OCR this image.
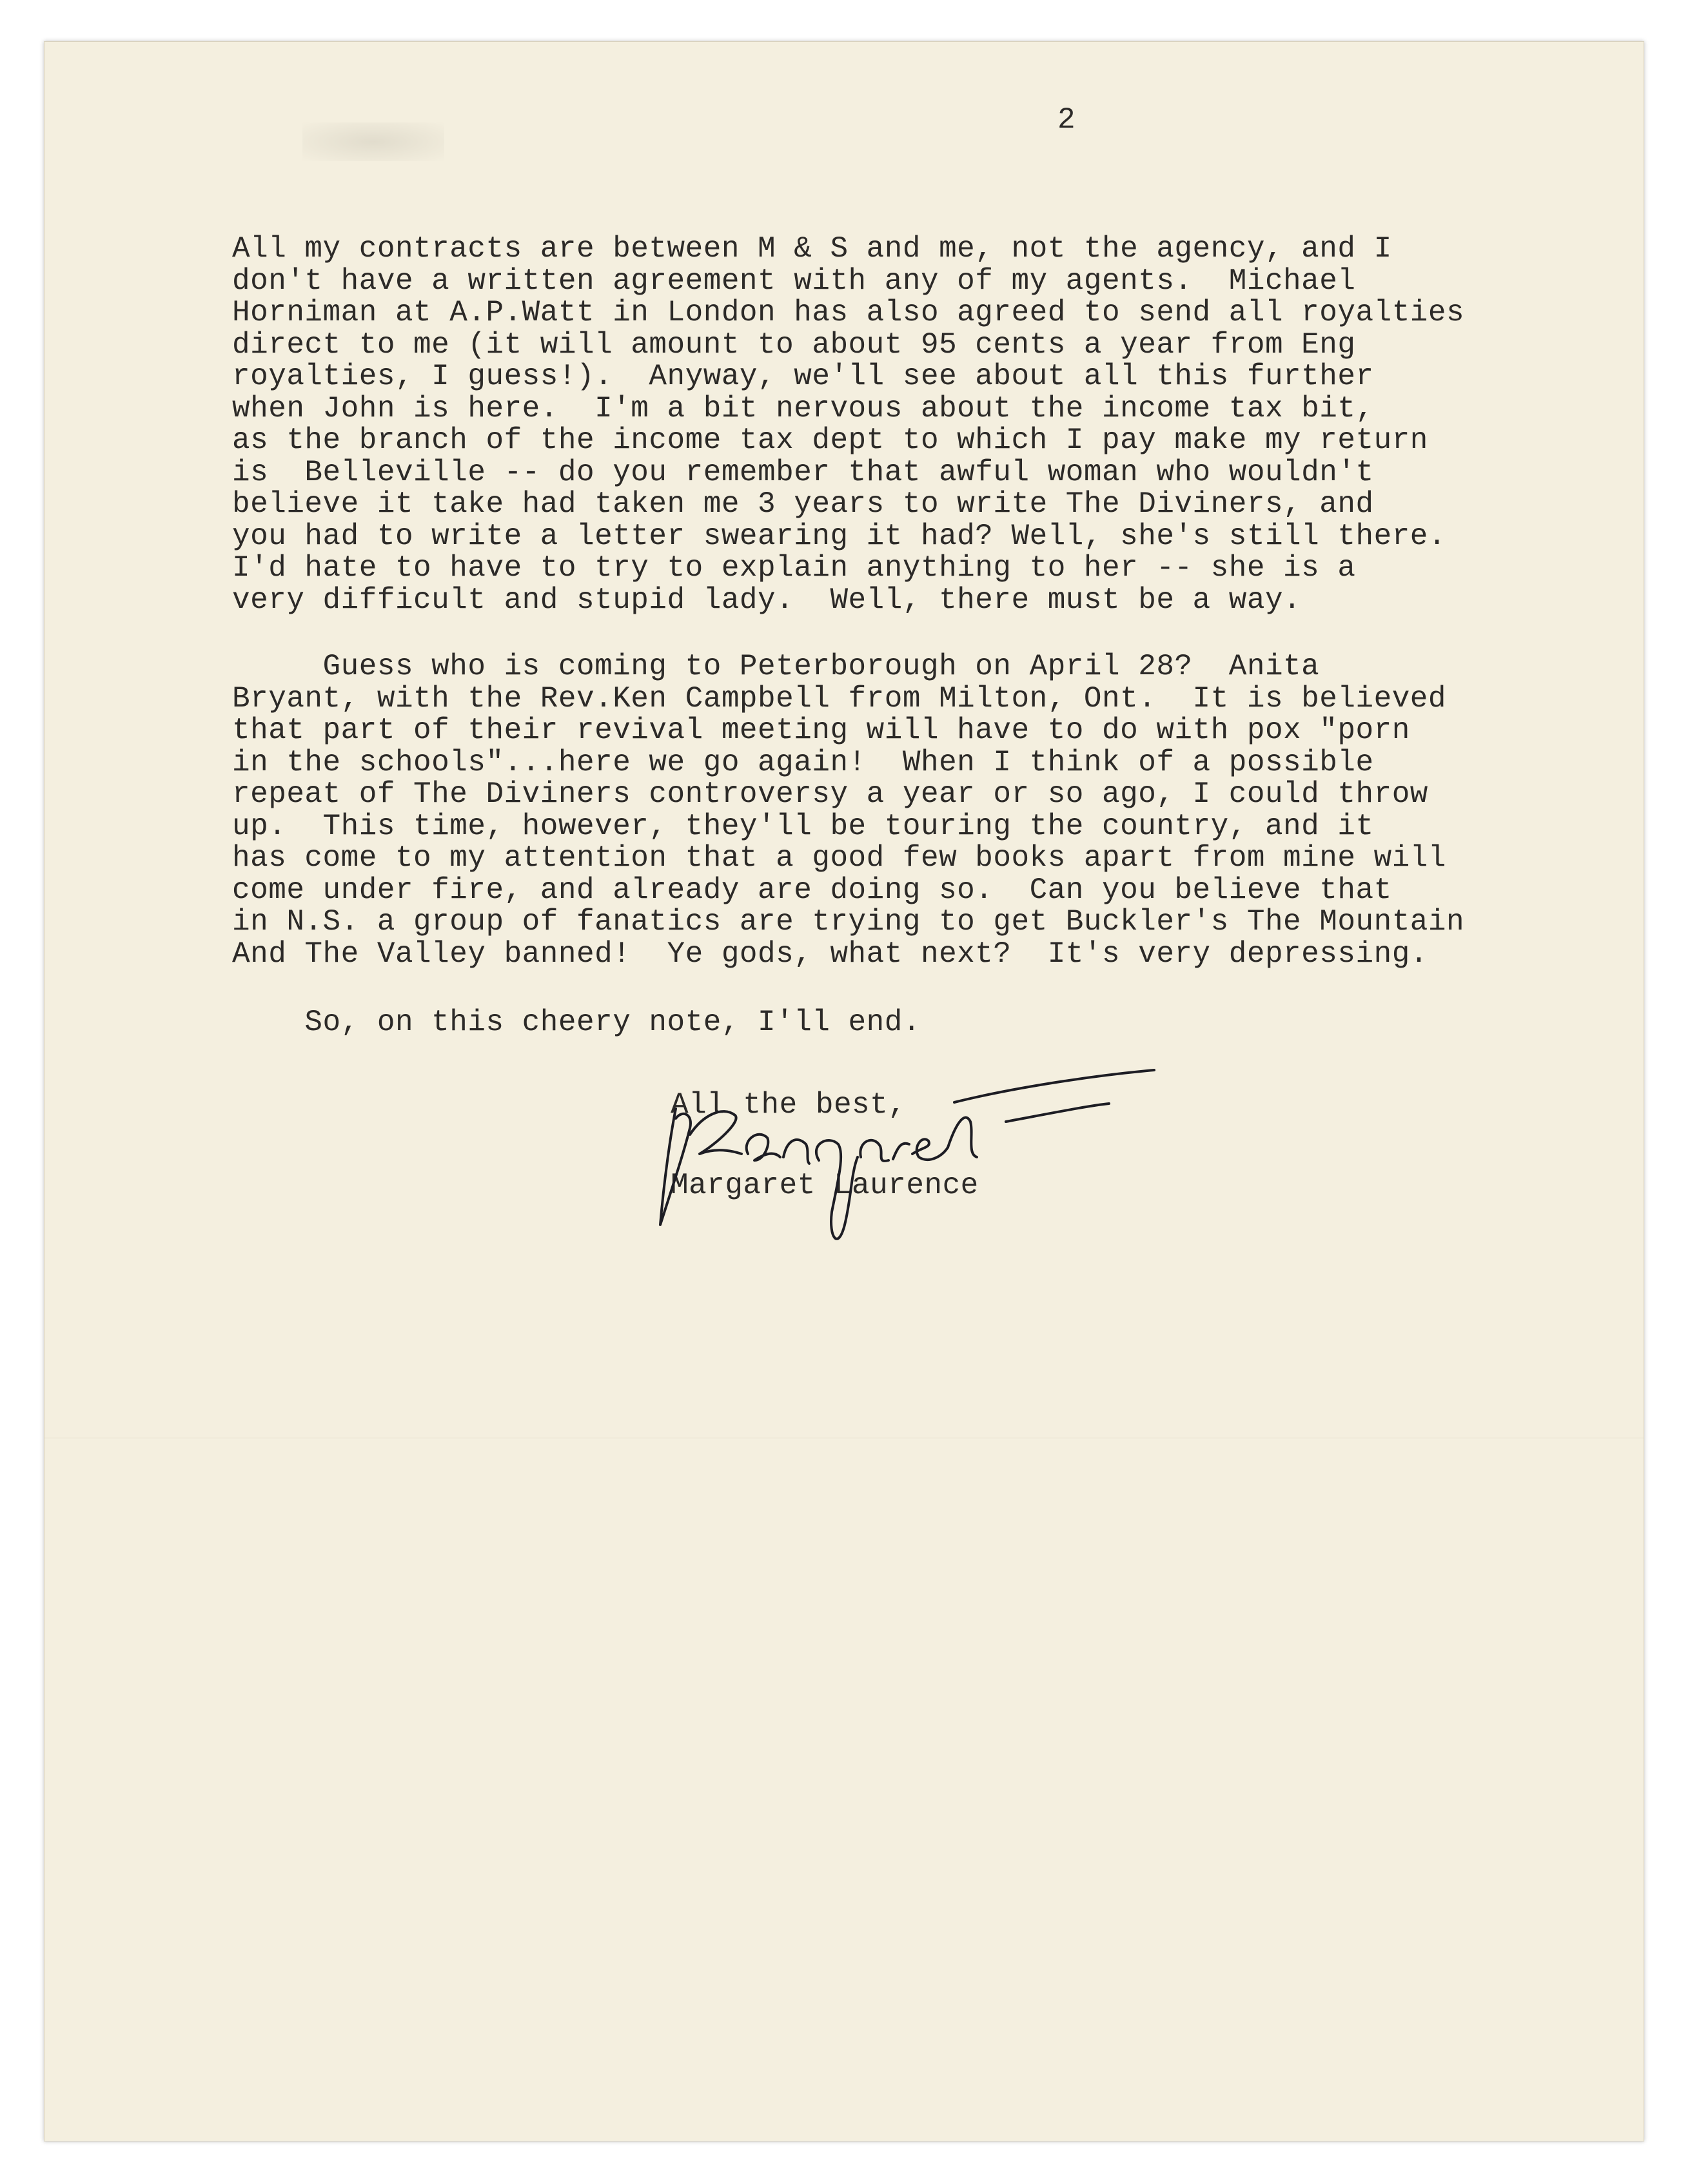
2
All my contracts are between M & S and me, not the agency, and I
don't have a written agreement with any of my agents.  Michael
Horniman at A.P.Watt in London has also agreed to send all royalties
direct to me (it will amount to about 95 cents a year from Eng
royalties, I guess!).  Anyway, we'll see about all this further
when John is here.  I'm a bit nervous about the income tax bit,
as the branch of the income tax dept to which I pay make my return
is  Belleville -- do you remember that awful woman who wouldn't
believe it take had taken me 3 years to write The Diviners, and
you had to write a letter swearing it had? Well, she's still there.
I'd hate to have to try to explain anything to her -- she is a
very difficult and stupid lady.  Well, there must be a way.
Guess who is coming to Peterborough on April 28?  Anita
Bryant, with the Rev.Ken Campbell from Milton, Ont.  It is believed
that part of their revival meeting will have to do with pox "porn
in the schools"...here we go again!  When I think of a possible
repeat of The Diviners controversy a year or so ago, I could throw
up.  This time, however, they'll be touring the country, and it
has come to my attention that a good few books apart from mine will
come under fire, and already are doing so.  Can you believe that
in N.S. a group of fanatics are trying to get Buckler's The Mountain
And The Valley banned!  Ye gods, what next?  It's very depressing.
So, on this cheery note, I'll end.
All the best,
Margaret Laurence
